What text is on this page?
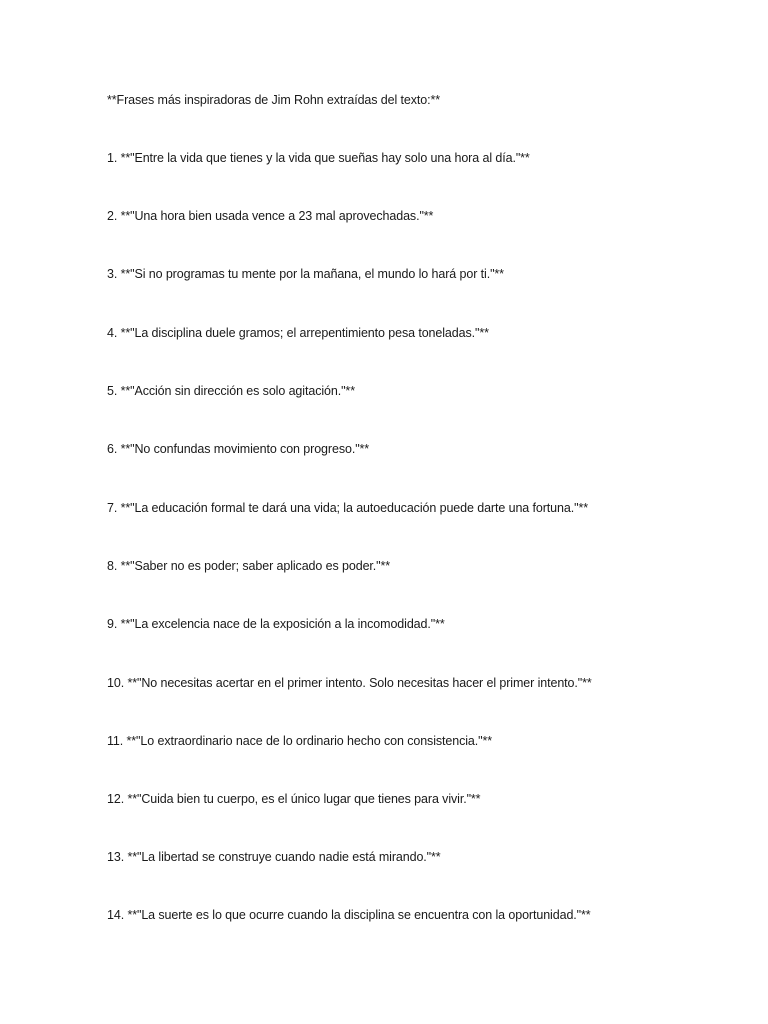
**Frases más inspiradoras de Jim Rohn extraídas del texto:**
1. **"Entre la vida que tienes y la vida que sueñas hay solo una hora al día."**
2. **"Una hora bien usada vence a 23 mal aprovechadas."**
3. **"Si no programas tu mente por la mañana, el mundo lo hará por ti."**
4. **"La disciplina duele gramos; el arrepentimiento pesa toneladas."**
5. **"Acción sin dirección es solo agitación."**
6. **"No confundas movimiento con progreso."**
7. **"La educación formal te dará una vida; la autoeducación puede darte una fortuna."**
8. **"Saber no es poder; saber aplicado es poder."**
9. **"La excelencia nace de la exposición a la incomodidad."**
10. **"No necesitas acertar en el primer intento. Solo necesitas hacer el primer intento."**
11. **"Lo extraordinario nace de lo ordinario hecho con consistencia."**
12. **"Cuida bien tu cuerpo, es el único lugar que tienes para vivir."**
13. **"La libertad se construye cuando nadie está mirando."**
14. **"La suerte es lo que ocurre cuando la disciplina se encuentra con la oportunidad."**
